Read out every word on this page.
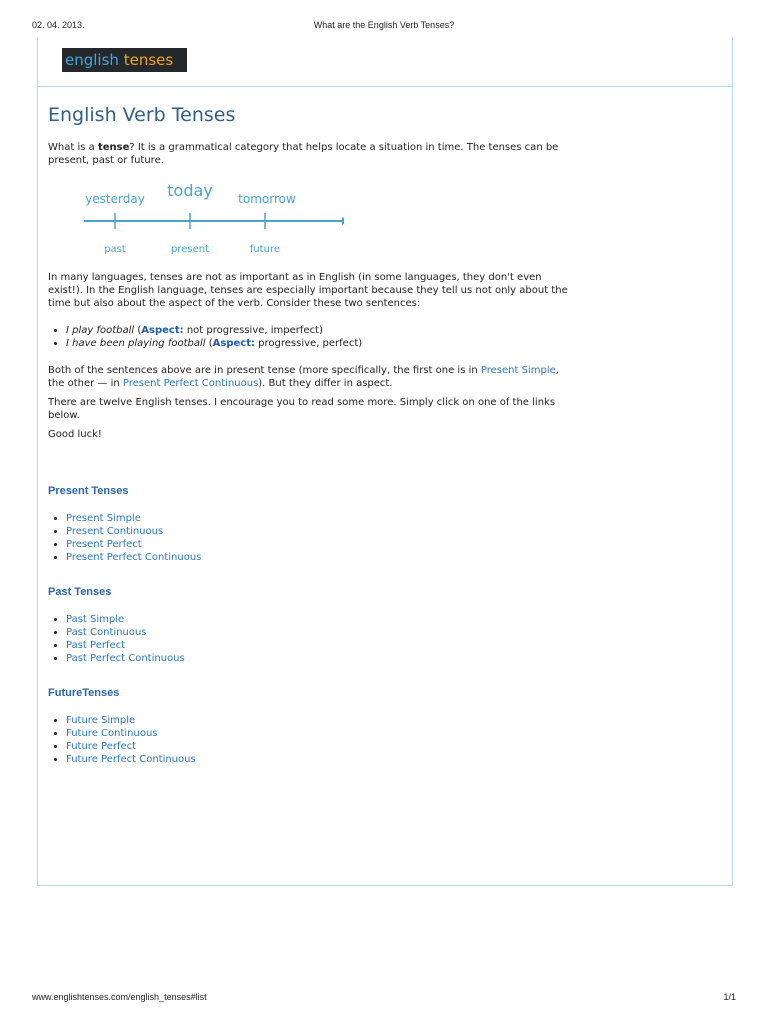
02. 04. 2013.	What are the English Verb Tenses?
english tenses
English Verb Tenses

What is a tense? It is a grammatical category that helps locate a situation in time. The tenses can be present, past or future.

yesterday today tomorrow
past	present	future

In many languages, tenses are not as important as in English (in some languages, they don't even exist!). In the English language, tenses are especially important because they tell us not only about the time but also about the aspect of the verb. Consider these two sentences:

• I play football (Aspect: not progressive, imperfect)
• I have been playing football (Aspect: progressive, perfect)

Both of the sentences above are in present tense (more specifically, the first one is in Present Simple, the other — in Present Perfect Continuous). But they differ in aspect.

There are twelve English tenses. I encourage you to read some more. Simply click on one of the links below.

Good luck!

Present Tenses
• Present Simple
• Present Continuous
• Present Perfect
• Present Perfect Continuous
Past Tenses
• Past Simple
• Past Continuous
• Past Perfect
• Past Perfect Continuous
FutureTenses
• Future Simple
• Future Continuous
• Future Perfect
• Future Perfect Continuous
www.englishtenses.com/english_tenses#list	1/1
